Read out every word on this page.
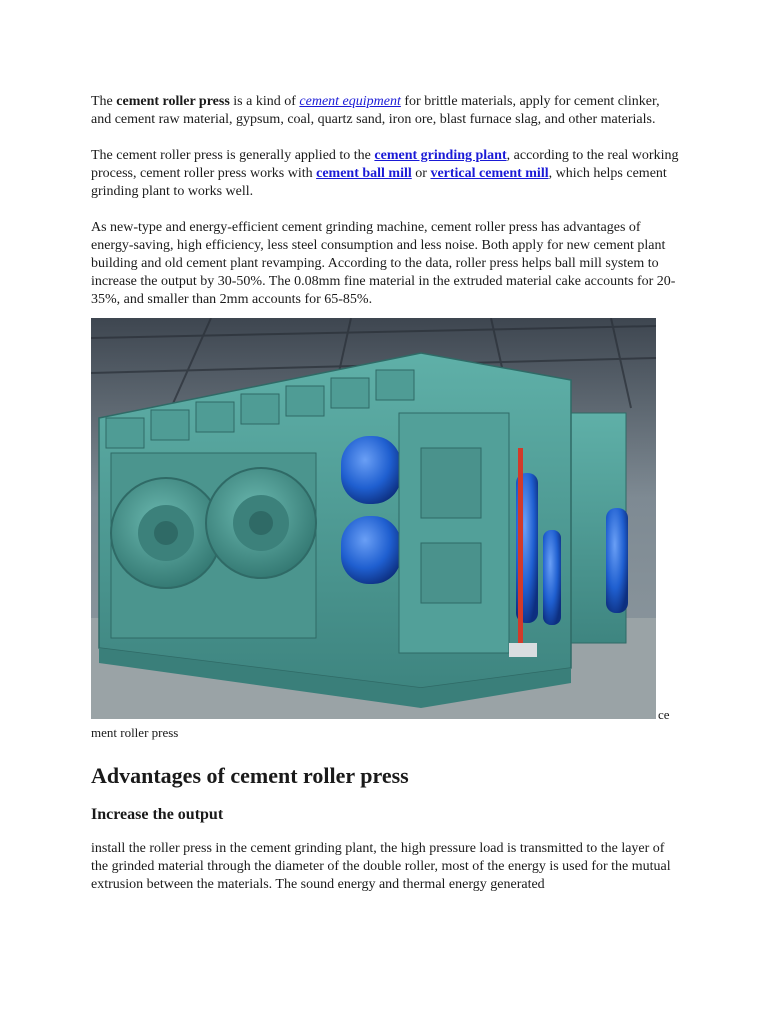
The cement roller press is a kind of cement equipment for brittle materials, apply for cement clinker, and cement raw material, gypsum, coal, quartz sand, iron ore, blast furnace slag, and other materials.

The cement roller press is generally applied to the cement grinding plant, according to the real working process, cement roller press works with cement ball mill or vertical cement mill, which helps cement grinding plant to works well.

As new-type and energy-efficient cement grinding machine, cement roller press has advantages of energy-saving, high efficiency, less steel consumption and less noise. Both apply for new cement plant building and old cement plant revamping. According to the data, roller press helps ball mill system to increase the output by 30-50%. The 0.08mm fine material in the extruded material cake accounts for 20-35%, and smaller than 2mm accounts for 65-85%.

ce

ment roller press

Advantages of cement roller press
Increase the output

install the roller press in the cement grinding plant, the high pressure load is transmitted to the layer of the grinded material through the diameter of the double roller, most of the energy is used for the mutual extrusion between the materials. The sound energy and thermal energy generated
